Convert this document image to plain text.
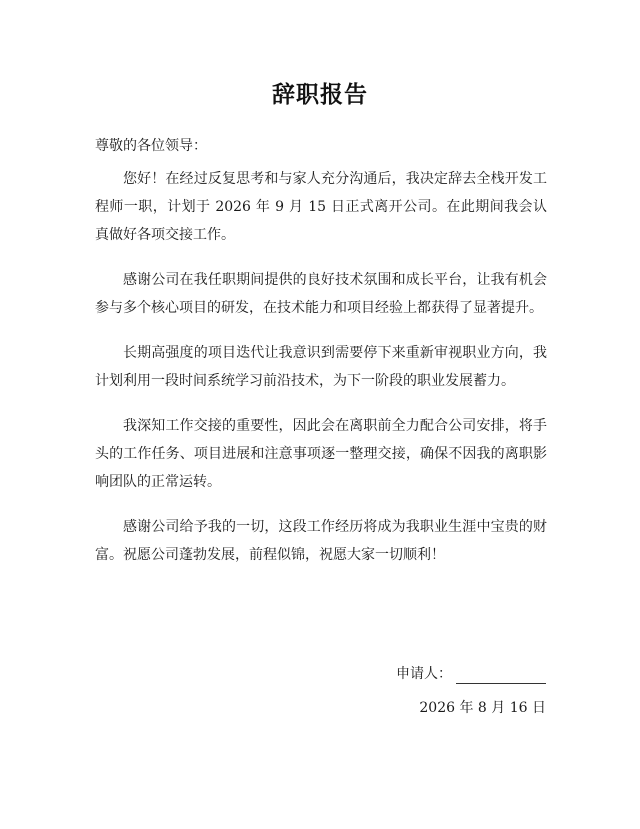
辞职报告
尊敬的各位领导：

您好！在经过反复思考和与家人充分沟通后，我决定辞去全栈开发工程师一职，计划于 2026 年 9 月 15 日正式离开公司。在此期间我会认真做好各项交接工作。

感谢公司在我任职期间提供的良好技术氛围和成长平台，让我有机会参与多个核心项目的研发，在技术能力和项目经验上都获得了显著提升。

长期高强度的项目迭代让我意识到需要停下来重新审视职业方向，我计划利用一段时间系统学习前沿技术，为下一阶段的职业发展蓄力。

我深知工作交接的重要性，因此会在离职前全力配合公司安排，将手头的工作任务、项目进展和注意事项逐一整理交接，确保不因我的离职影响团队的正常运转。

感谢公司给予我的一切，这段工作经历将成为我职业生涯中宝贵的财富。祝愿公司蓬勃发展，前程似锦，祝愿大家一切顺利！

申请人：
2026 年 8 月 16 日
